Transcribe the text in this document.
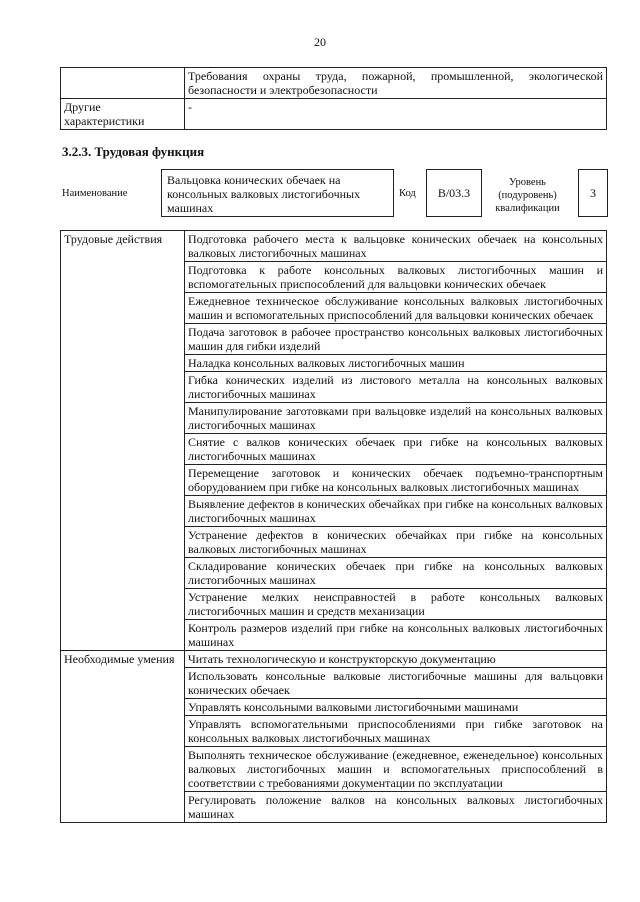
20
	Требования охраны труда, пожарной, промышленной, экологической безопасности и электробезопасности
Другие характеристики	-
3.2.3. Трудовая функция
Наименование
Вальцовка конических обечаек на консольных валковых листогибочных машинах
Код	B/03.3
Уровень (подуровень) квалификации
3
Трудовые действия	Подготовка рабочего места к вальцовке конических обечаек на консольных валковых листогибочных машинах
	Подготовка к работе консольных валковых листогибочных машин и вспомогательных приспособлений для вальцовки конических обечаек
	Ежедневное техническое обслуживание консольных валковых листогибочных машин и вспомогательных приспособлений для вальцовки конических обечаек
	Подача заготовок в рабочее пространство консольных валковых листогибочных машин для гибки изделий
	Наладка консольных валковых листогибочных машин
	Гибка конических изделий из листового металла на консольных валковых листогибочных машинах
	Манипулирование заготовками при вальцовке изделий на консольных валковых листогибочных машинах
	Снятие с валков конических обечаек при гибке на консольных валковых листогибочных машинах
	Перемещение заготовок и конических обечаек подъемно-транспортным оборудованием при гибке на консольных валковых листогибочных машинах
	Выявление дефектов в конических обечайках при гибке на консольных валковых листогибочных машинах
	Устранение дефектов в конических обечайках при гибке на консольных валковых листогибочных машинах
	Складирование конических обечаек при гибке на консольных валковых листогибочных машинах
	Устранение мелких неисправностей в работе консольных валковых листогибочных машин и средств механизации
	Контроль размеров изделий при гибке на консольных валковых листогибочных машинах
Необходимые умения	Читать технологическую и конструкторскую документацию
	Использовать консольные валковые листогибочные машины для вальцовки конических обечаек
	Управлять консольными валковыми листогибочными машинами
	Управлять вспомогательными приспособлениями при гибке заготовок на консольных валковых листогибочных машинах
	Выполнять техническое обслуживание (ежедневное, еженедельное) консольных валковых листогибочных машин и вспомогательных приспособлений в соответствии с требованиями документации по эксплуатации
	Регулировать положение валков на консольных валковых листогибочных машинах
